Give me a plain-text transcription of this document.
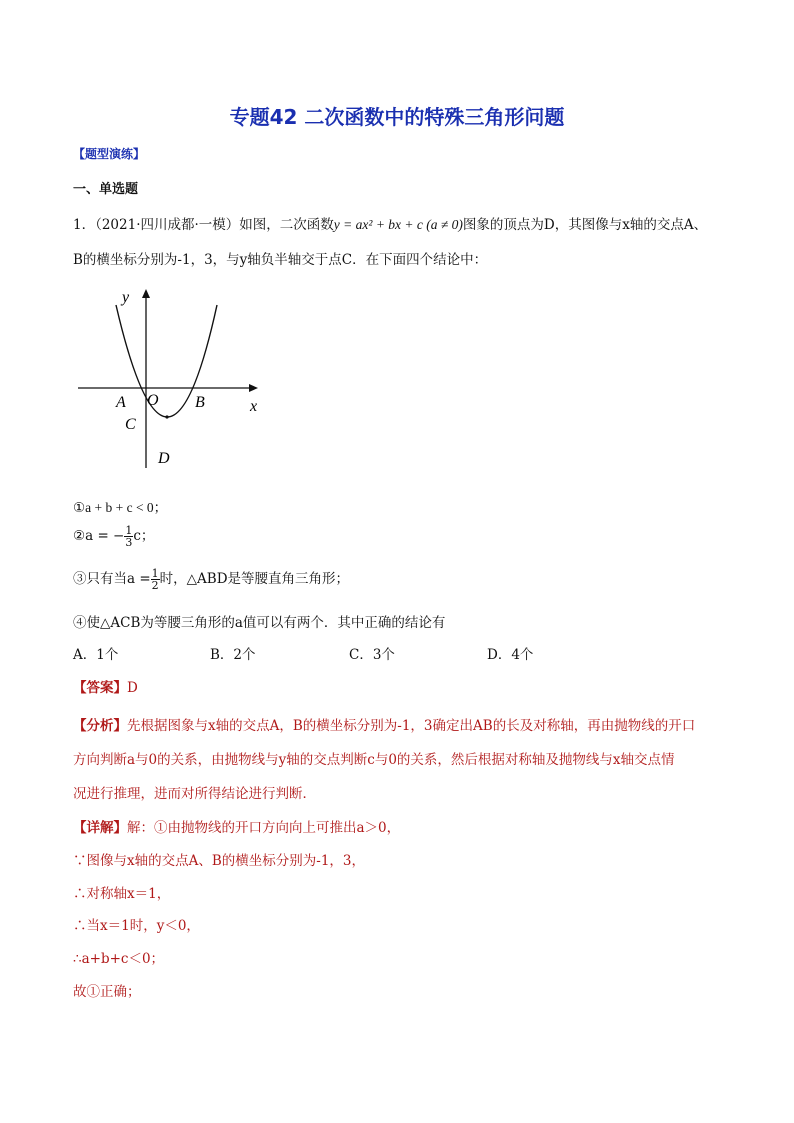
专题42 二次函数中的特殊三角形问题
【题型演练】
一、单选题
1．（2021·四川成都·一模）如图，二次函数y = ax² + bx + c (a ≠ 0)图象的顶点为D，其图像与x轴的交点A、
B的横坐标分别为-1，3，与y轴负半轴交于点C．在下面四个结论中：
y
x
A O B
C
D
①a + b + c < 0；
②a = − $\frac{1}{3}$ c；
③只有当$a = \frac{1}{2}$ 时，△ABD是等腰直角三角形；
④使△ACB为等腰三角形的a值可以有两个．其中正确的结论有
A．1个	B．2个	C．3个	D．4个
【答案】D
【分析】先根据图象与x轴的交点A，B的横坐标分别为-1，3确定出AB的长及对称轴，再由抛物线的开口
方向判断a与0的关系，由抛物线与y轴的交点判断c与0的关系，然后根据对称轴及抛物线与x轴交点情
况进行推理，进而对所得结论进行判断．
【详解】解：①由抛物线的开口方向向上可推出a＞0，
∵图像与x轴的交点A、B的横坐标分别为-1，3，
∴对称轴x＝1，
∴当x＝1时，y＜0，
∴a+b+c＜0；
故①正确；
